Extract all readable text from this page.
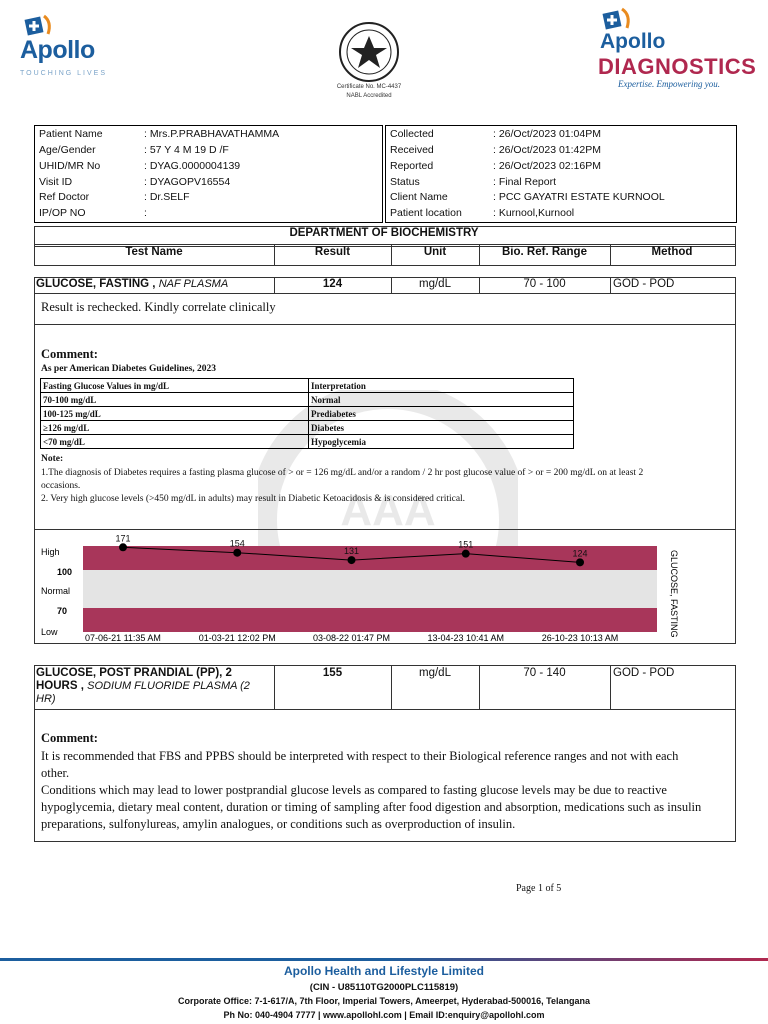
Apollo
TOUCHING LIVES
Certificate No. MC-4437
NABL Accredited
Apollo
DIAGNOSTICS
Expertise. Empowering you.
Patient Name	: Mrs.P.PRABHAVATHAMMA
Age/Gender	: 57 Y 4 M 19 D /F
UHID/MR No	: DYAG.0000004139
Visit ID	: DYAGOPV16554
Ref Doctor	: Dr.SELF
IP/OP NO	:
Collected	: 26/Oct/2023 01:04PM
Received	: 26/Oct/2023 01:42PM
Reported	: 26/Oct/2023 02:16PM
Status	: Final Report
Client Name	: PCC GAYATRI ESTATE KURNOOL
Patient location	: Kurnool,Kurnool
DEPARTMENT OF BIOCHEMISTRY
Test Name	Result	Unit	Bio. Ref. Range	Method
GLUCOSE, FASTING , NAF PLASMA	124	mg/dL	70 - 100	GOD - POD
Result is rechecked. Kindly correlate clinically
AAA
Comment:
As per American Diabetes Guidelines, 2023
Fasting Glucose Values in mg/dL	Interpretation
70-100 mg/dL	Normal
100-125 mg/dL	Prediabetes
≥126 mg/dL	Diabetes
<70 mg/dL	Hypoglycemia
Note:
1.The diagnosis of Diabetes requires a fasting plasma glucose of > or = 126 mg/dL and/or a random / 2 hr post glucose value of > or = 200 mg/dL on at least 2
occasions.
2. Very high glucose levels (>450 mg/dL in adults) may result in Diabetic Ketoacidosis & is considered critical.
High
100
Normal
70
Low	GLUCOSE, FASTING
171
07-06-21 11:35 AM
154
01-03-21 12:02 PM
131
03-08-22 01:47 PM
151
13-04-23 10:41 AM
124
26-10-23 10:13 AM
GLUCOSE, POST PRANDIAL (PP), 2
HOURS , SODIUM FLUORIDE PLASMA (2
HR)
155	mg/dL	70 - 140	GOD - POD
Comment:
It is recommended that FBS and PPBS should be interpreted with respect to their Biological reference ranges and not with each
other.
Conditions which may lead to lower postprandial glucose levels as compared to fasting glucose levels may be due to reactive
hypoglycemia, dietary meal content, duration or timing of sampling after food digestion and absorption, medications such as insulin
preparations, sulfonylureas, amylin analogues, or conditions such as overproduction of insulin.
Page 1 of 5
Apollo Health and Lifestyle Limited
(CIN - U85110TG2000PLC115819)
Corporate Office: 7-1-617/A, 7th Floor, Imperial Towers, Ameerpet, Hyderabad-500016, Telangana
Ph No: 040-4904 7777 | www.apollohl.com | Email ID:enquiry@apollohl.com
